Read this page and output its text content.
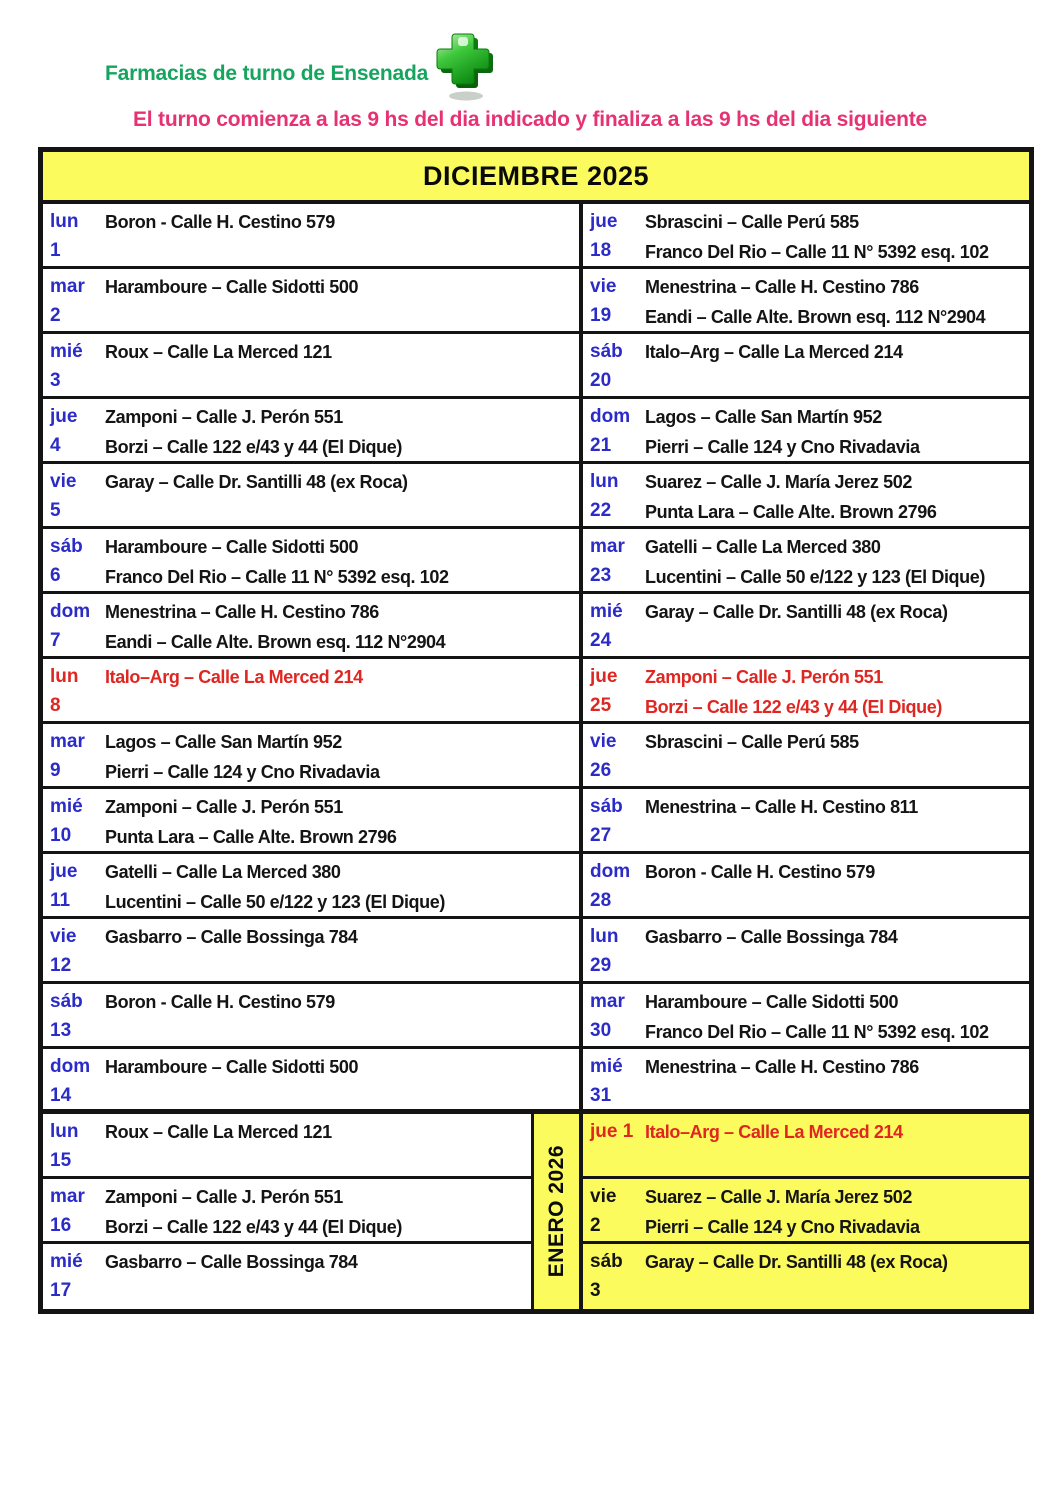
Farmacias de turno de Ensenada
El turno comienza a las 9 hs del dia indicado y finaliza a las 9 hs del dia siguiente
DICIEMBRE 2025
lun
1
Boron - Calle H. Cestino 579
mar
2
Haramboure – Calle Sidotti 500
mié
3
Roux – Calle La Merced 121
jue
4
Zamponi – Calle J. Perón 551
Borzi – Calle 122 e/43 y 44 (El Dique)
vie
5
Garay – Calle Dr. Santilli 48 (ex Roca)
sáb
6
Haramboure – Calle Sidotti 500
Franco Del Rio – Calle 11 N° 5392 esq. 102
dom
7
Menestrina – Calle H. Cestino 786
Eandi – Calle Alte. Brown esq. 112 N°2904
lun
8
Italo–Arg – Calle La Merced 214
mar
9
Lagos – Calle San Martín 952
Pierri – Calle 124 y Cno Rivadavia
mié
10
Zamponi – Calle J. Perón 551
Punta Lara – Calle Alte. Brown 2796
jue
11
Gatelli – Calle La Merced 380
Lucentini – Calle 50 e/122 y 123 (El Dique)
vie
12
Gasbarro – Calle Bossinga 784
sáb
13
Boron - Calle H. Cestino 579
dom
14
Haramboure – Calle Sidotti 500
lun
15
Roux – Calle La Merced 121
mar
16
Zamponi – Calle J. Perón 551
Borzi – Calle 122 e/43 y 44 (El Dique)
mié
17
Gasbarro – Calle Bossinga 784	ENERO 2026
jue
18
Sbrascini – Calle Perú 585
Franco Del Rio – Calle 11 N° 5392 esq. 102
vie
19
Menestrina – Calle H. Cestino 786
Eandi – Calle Alte. Brown esq. 112 N°2904
sáb
20
Italo–Arg – Calle La Merced 214
dom
21
Lagos – Calle San Martín 952
Pierri – Calle 124 y Cno Rivadavia
lun
22
Suarez – Calle J. María Jerez 502
Punta Lara – Calle Alte. Brown 2796
mar
23
Gatelli – Calle La Merced 380
Lucentini – Calle 50 e/122 y 123 (El Dique)
mié
24
Garay – Calle Dr. Santilli 48 (ex Roca)
jue
25
Zamponi – Calle J. Perón 551
Borzi – Calle 122 e/43 y 44 (El Dique)
vie
26
Sbrascini – Calle Perú 585
sáb
27
Menestrina – Calle H. Cestino 811
dom
28
Boron - Calle H. Cestino 579
lun
29
Gasbarro – Calle Bossinga 784
mar
30
Haramboure – Calle Sidotti 500
Franco Del Rio – Calle 11 N° 5392 esq. 102
mié
31
Menestrina – Calle H. Cestino 786
jue 1 Italo–Arg – Calle La Merced 214
vie
2
Suarez – Calle J. María Jerez 502
Pierri – Calle 124 y Cno Rivadavia
sáb
3
Garay – Calle Dr. Santilli 48 (ex Roca)
